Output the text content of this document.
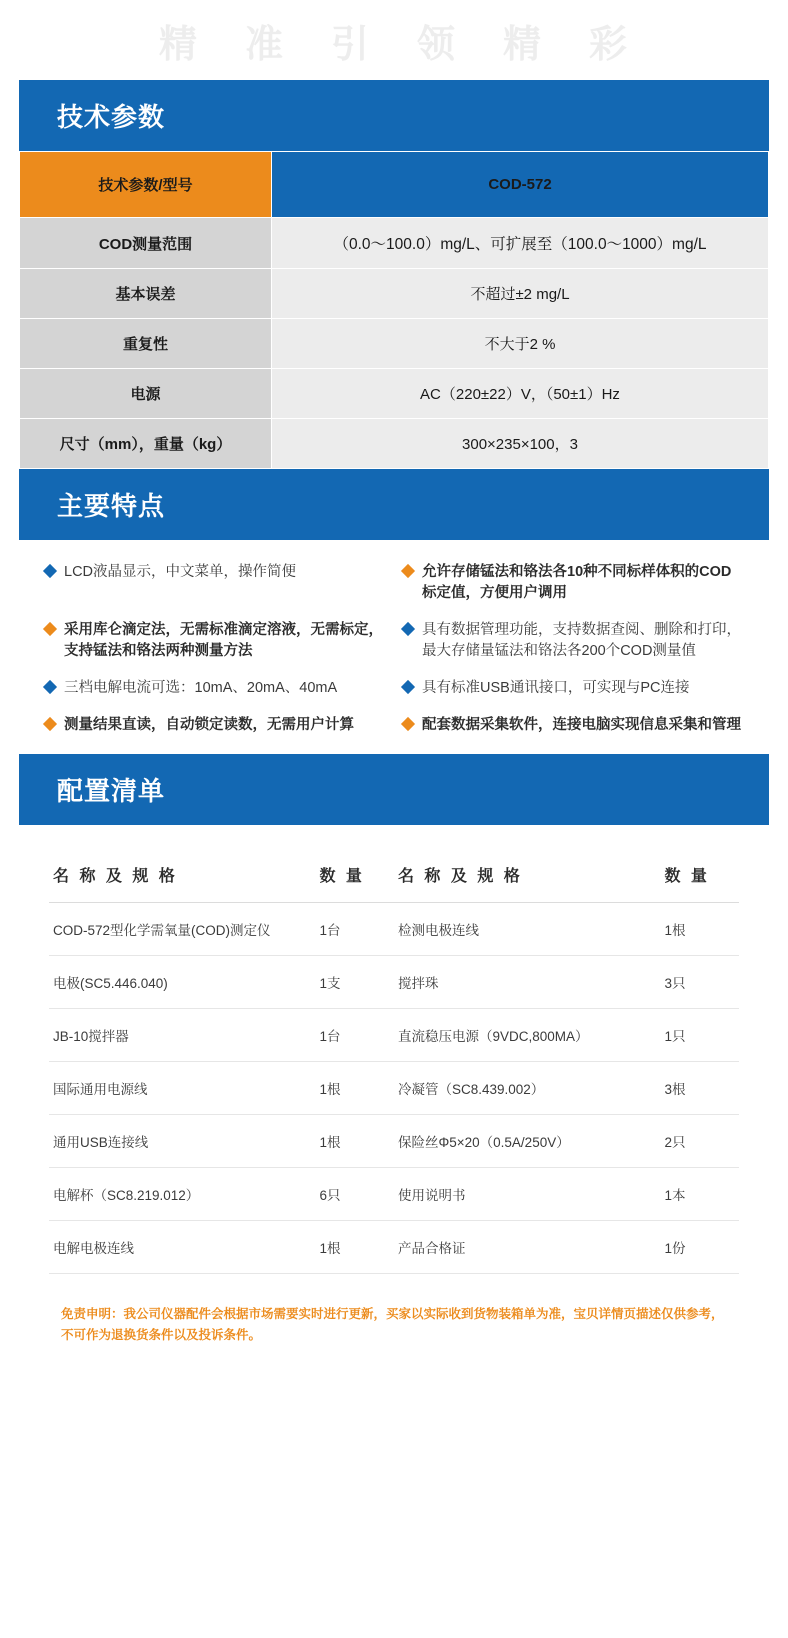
精 准 引 领 精 彩
技术参数
技术参数/型号	COD-572
COD测量范围	（0.0～100.0）mg/L、可扩展至（100.0～1000）mg/L
基本误差	不超过±2 mg/L
重复性	不大于2 %
电源	AC（220±22）V，（50±1）Hz
尺寸（mm），重量（kg）	300×235×100，3
主要特点
LCD液晶显示，中文菜单，操作简便	允许存储锰法和铬法各10种不同标样体积的COD标定值，方便用户调用
采用库仑滴定法，无需标准滴定溶液，无需标定，支持锰法和铬法两种测量方法
具有数据管理功能，支持数据查阅、删除和打印，最大存储量锰法和铬法各200个COD测量值
三档电解电流可选：10mA、20mA、40mA	具有标准USB通讯接口，可实现与PC连接
测量结果直读，自动锁定读数，无需用户计算	配套数据采集软件，连接电脑实现信息采集和管理
配置清单
名 称 及 规 格	数 量	名 称 及 规 格	数 量
COD-572型化学需氧量(COD)测定仪	1台	检测电极连线	1根
电极(SC5.446.040)	1支	搅拌珠	3只
JB-10搅拌器	1台	直流稳压电源（9VDC,800MA）	1只
国际通用电源线	1根	冷凝管（SC8.439.002）	3根
通用USB连接线	1根	保险丝Φ5×20（0.5A/250V）	2只
电解杯（SC8.219.012）	6只	使用说明书	1本
电解电极连线	1根	产品合格证	1份
免责申明：我公司仪器配件会根据市场需要实时进行更新，买家以实际收到货物装箱单为准，宝贝详情页描述仅供参考，不可作为退换货条件以及投诉条件。
